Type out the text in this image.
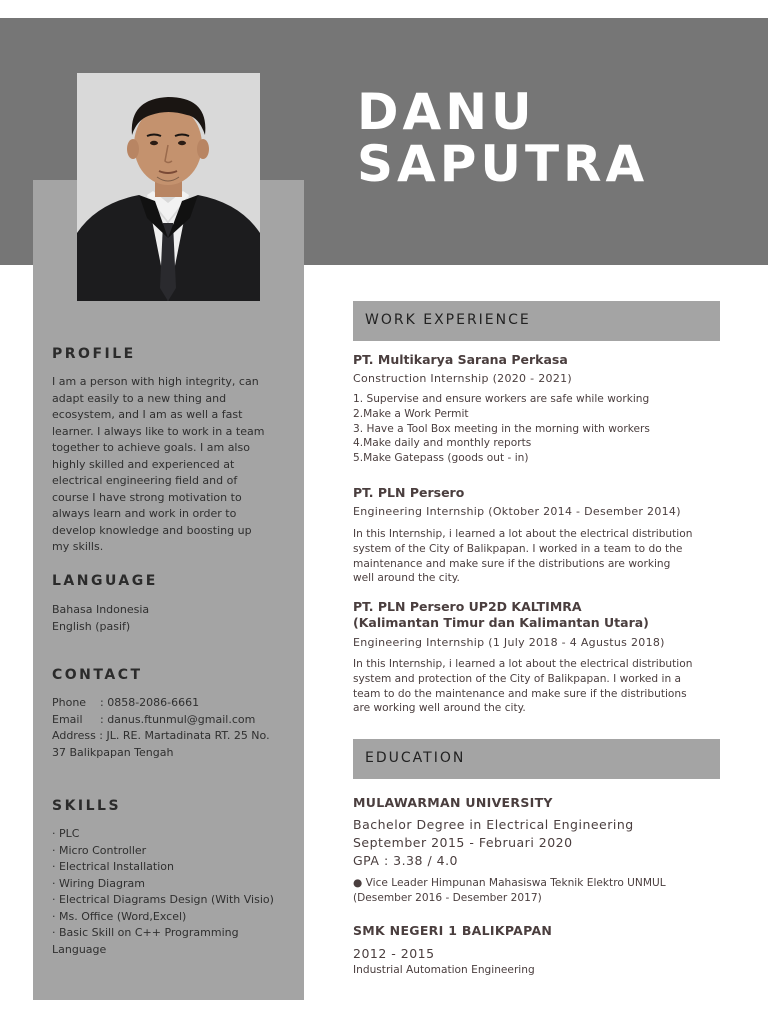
DANU
SAPUTRA
PROFILE

I am a person with high integrity, can

adapt easily to a new thing and

ecosystem, and I am as well a fast

learner. I always like to work in a team

together to achieve goals. I am also

highly skilled and experienced at

electrical engineering field and of

course I have strong motivation to

always learn and work in order to

develop knowledge and boosting up

my skills.

LANGUAGE

Bahasa Indonesia

English (pasif)

CONTACT

Phone : 0858-2086-6661

Email : danus.ftunmul@gmail.com

Address : JL. RE. Martadinata RT. 25 No.

37 Balikpapan Tengah

SKILLS

· PLC

· Micro Controller

· Electrical Installation

· Wiring Diagram

· Electrical Diagrams Design (With Visio)

· Ms. Office (Word,Excel)

· Basic Skill on C++ Programming

Language

WORK EXPERIENCE
PT. Multikarya Sarana Perkasa
Construction Internship (2020 - 2021)
1. Supervise and ensure workers are safe while working
2.Make a Work Permit
3. Have a Tool Box meeting in the morning with workers
4.Make daily and monthly reports
5.Make Gatepass (goods out - in)
PT. PLN Persero
Engineering Internship (Oktober 2014 - Desember 2014)
In this Internship, i learned a lot about the electrical distribution
system of the City of Balikpapan. I worked in a team to do the
maintenance and make sure if the distributions are working
well around the city.
PT. PLN Persero UP2D KALTIMRA
(Kalimantan Timur dan Kalimantan Utara)
Engineering Internship (1 July 2018 - 4 Agustus 2018)
In this Internship, i learned a lot about the electrical distribution
system and protection of the City of Balikpapan. I worked in a
team to do the maintenance and make sure if the distributions
are working well around the city.
EDUCATION
MULAWARMAN UNIVERSITY
Bachelor Degree in Electrical Engineering
September 2015 - Februari 2020
GPA : 3.38 / 4.0
● Vice Leader Himpunan Mahasiswa Teknik Elektro UNMUL
(Desember 2016 - Desember 2017)
SMK NEGERI 1 BALIKPAPAN
2012 - 2015
Industrial Automation Engineering
